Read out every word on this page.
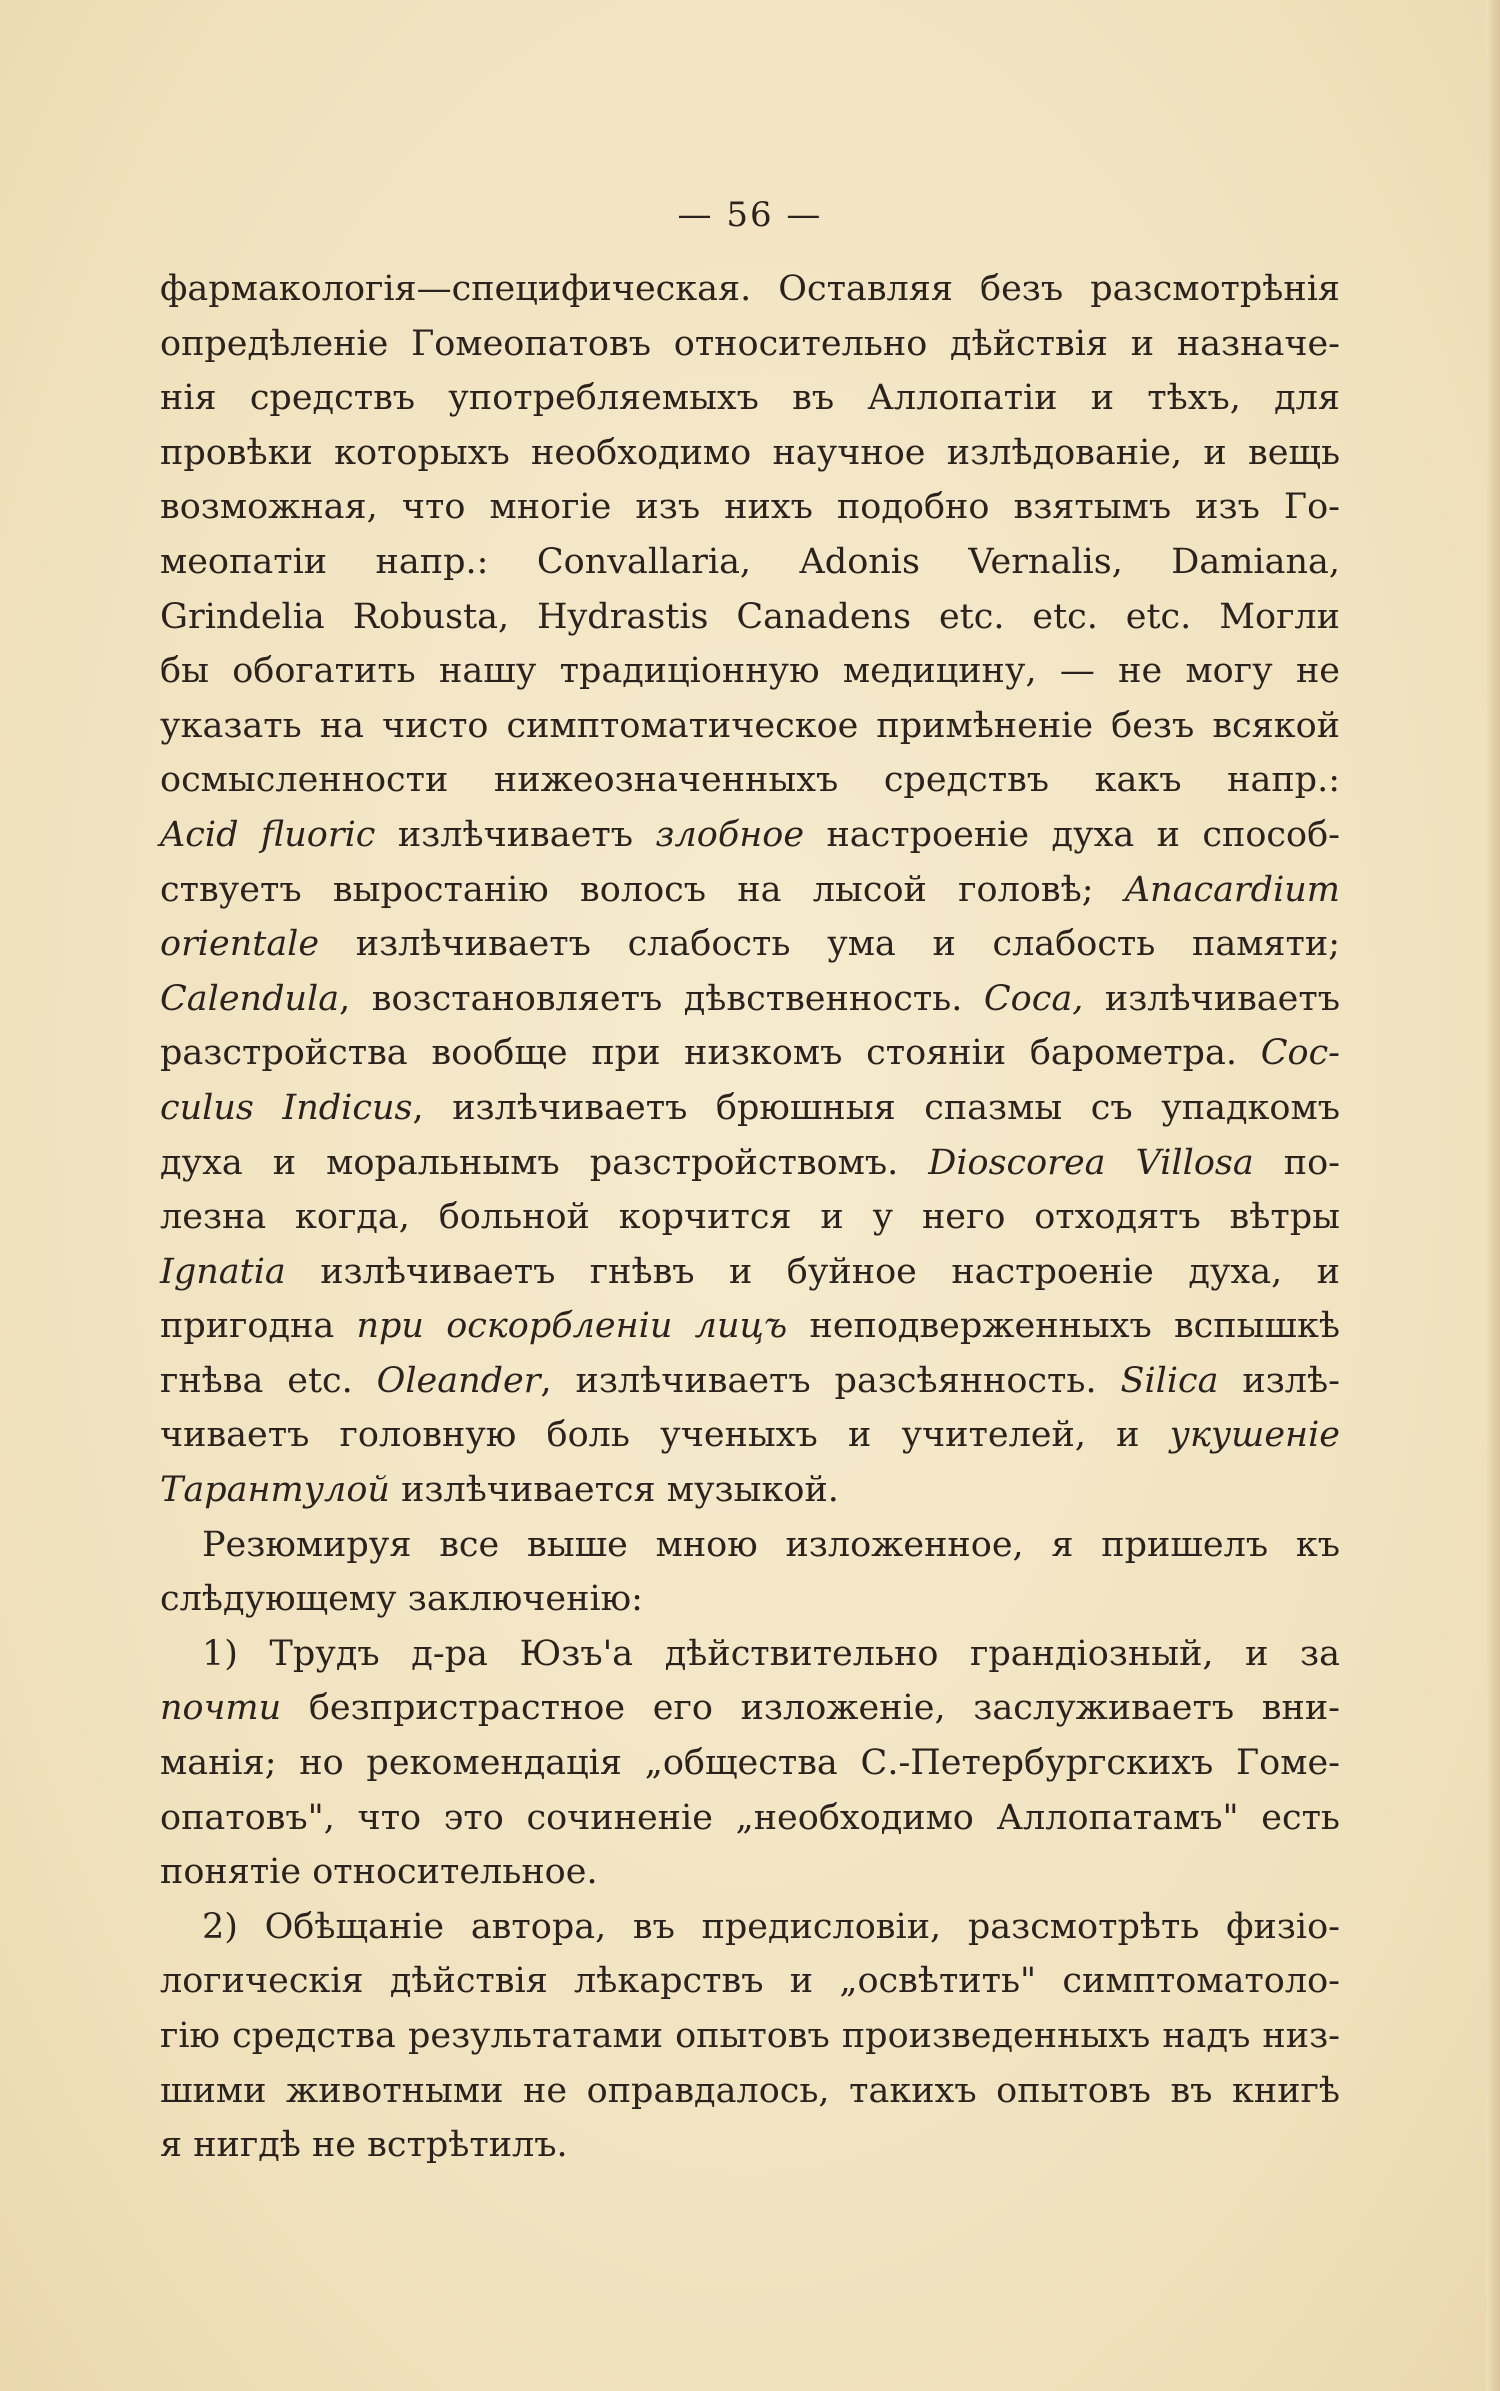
— 56 —
фармакологія—специфическая. Оставляя безъ разсмотрѣнія
опредѣленіе Гомеопатовъ относительно дѣйствія и назначе-
нія средствъ употребляемыхъ въ Аллопатіи и тѣхъ, для
провѣки которыхъ необходимо научное излѣдованіе, и вещь
возможная, что многіе изъ нихъ подобно взятымъ изъ Го-
меопатіи напр.: Convallaria, Adonis Vernalis, Damiana,
Grindelia Robusta, Hydrastis Canadens etc. etc. etc. Могли
бы обогатить нашу традиціонную медицину, — не могу не
указать на чисто симптоматическое примѣненіе безъ всякой
осмысленности нижеозначенныхъ средствъ какъ напр.:
Acid fluoric излѣчиваетъ злобное настроеніе духа и способ-
ствуетъ выростанію волосъ на лысой головѣ; Anacardium
orientale излѣчиваетъ слабость ума и слабость памяти;
Calendula, возстановляетъ дѣвственность. Coca, излѣчиваетъ
разстройства вообще при низкомъ стояніи барометра. Coc-
culus Indicus, излѣчиваетъ брюшныя спазмы съ упадкомъ
духа и моральнымъ разстройствомъ. Dioscorea Villosa по-
лезна когда, больной корчится и у него отходятъ вѣтры
Ignatia излѣчиваетъ гнѣвъ и буйное настроеніе духа, и
пригодна при оскорбленіи лицъ неподверженныхъ вспышкѣ
гнѣва etc. Oleander, излѣчиваетъ разсѣянность. Silica излѣ-
чиваетъ головную боль ученыхъ и учителей, и укушеніе
Тарантулой излѣчивается музыкой.
Резюмируя все выше мною изложенное, я пришелъ къ
слѣдующему заключенію:
1) Трудъ д-ра Юзъ'а дѣйствительно грандіозный, и за
почти безпристрастное его изложеніе, заслуживаетъ вни-
манія; но рекомендація „общества С.-Петербургскихъ Гоме-
опатовъ", что это сочиненіе „необходимо Аллопатамъ" есть
понятіе относительное.
2) Обѣщаніе автора, въ предисловіи, разсмотрѣть физіо-
логическія дѣйствія лѣкарствъ и „освѣтить" симптоматоло-
гію средства результатами опытовъ произведенныхъ надъ низ-
шими животными не оправдалось, такихъ опытовъ въ книгѣ
я нигдѣ не встрѣтилъ.
